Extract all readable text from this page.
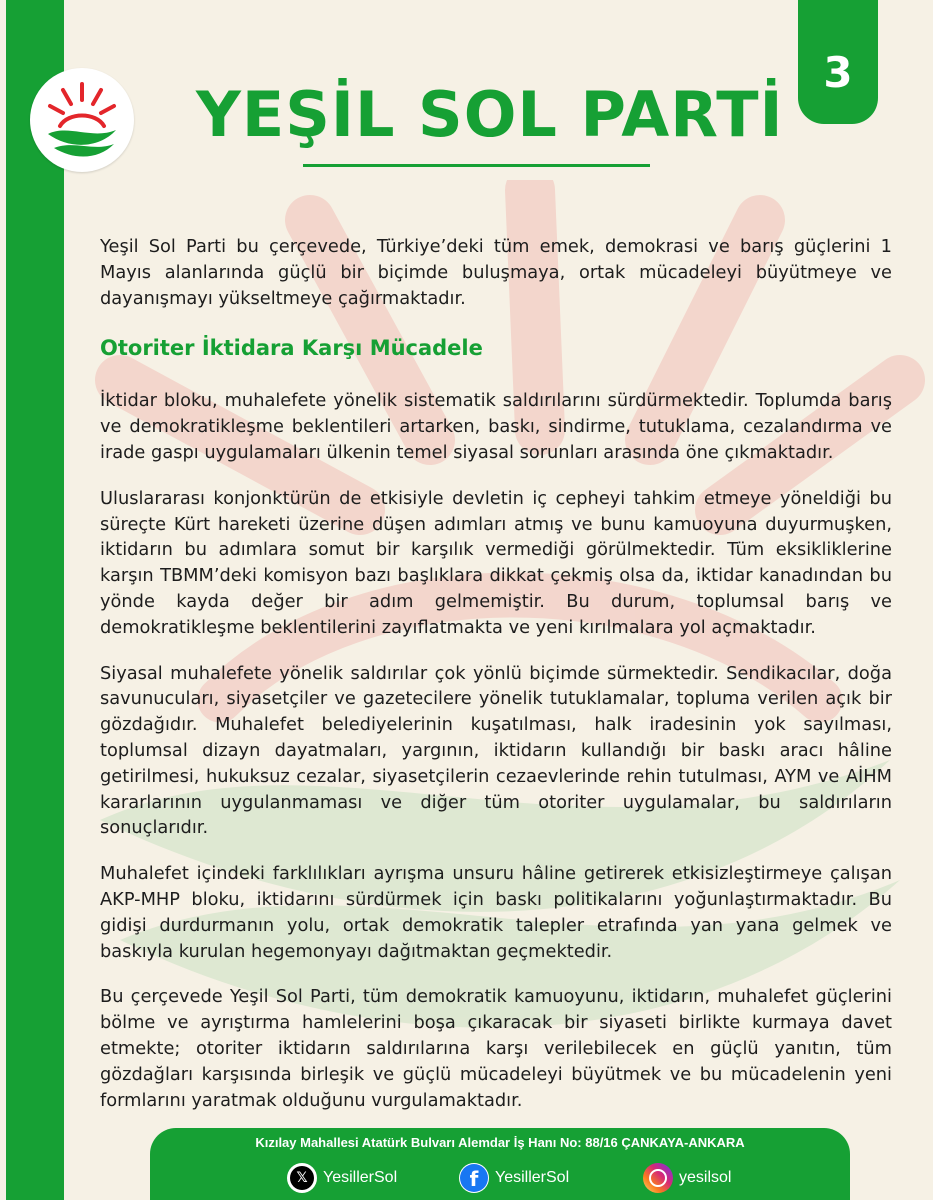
YEŞİL SOL PARTİ
3

Yeşil Sol Parti bu çerçevede, Türkiye’deki tüm emek, demokrasi ve barış güçlerini 1 Mayıs alanlarında güçlü bir biçimde buluşmaya, ortak mücadeleyi büyütmeye ve dayanışmayı yükseltmeye çağırmaktadır.

Otoriter İktidara Karşı Mücadele

İktidar bloku, muhalefete yönelik sistematik saldırılarını sürdürmektedir. Toplumda barış ve demokratikleşme beklentileri artarken, baskı, sindirme, tutuklama, cezalandırma ve irade gaspı uygulamaları ülkenin temel siyasal sorunları arasında öne çıkmaktadır.

Uluslararası konjonktürün de etkisiyle devletin iç cepheyi tahkim etmeye yöneldiği bu süreçte Kürt hareketi üzerine düşen adımları atmış ve bunu kamuoyuna duyurmuşken, iktidarın bu adımlara somut bir karşılık vermediği görülmektedir. Tüm eksikliklerine karşın TBMM’deki komisyon bazı başlıklara dikkat çekmiş olsa da, iktidar kanadından bu yönde kayda değer bir adım gelmemiştir. Bu durum, toplumsal barış ve demokratikleşme beklentilerini zayıflatmakta ve yeni kırılmalara yol açmaktadır.

Siyasal muhalefete yönelik saldırılar çok yönlü biçimde sürmektedir. Sendikacılar, doğa savunucuları, siyasetçiler ve gazetecilere yönelik tutuklamalar, topluma verilen açık bir gözdağıdır. Muhalefet belediyelerinin kuşatılması, halk iradesinin yok sayılması, toplumsal dizayn dayatmaları, yargının, iktidarın kullandığı bir baskı aracı hâline getirilmesi, hukuksuz cezalar, siyasetçilerin cezaevlerinde rehin tutulması, AYM ve AİHM kararlarının uygulanmaması ve diğer tüm otoriter uygulamalar, bu saldırıların sonuçlarıdır.

Muhalefet içindeki farklılıkları ayrışma unsuru hâline getirerek etkisizleştirmeye çalışan AKP-MHP bloku, iktidarını sürdürmek için baskı politikalarını yoğunlaştırmaktadır. Bu gidişi durdurmanın yolu, ortak demokratik talepler etrafında yan yana gelmek ve baskıyla kurulan hegemonyayı dağıtmaktan geçmektedir.

Bu çerçevede Yeşil Sol Parti, tüm demokratik kamuoyunu, iktidarın, muhalefet güçlerini bölme ve ayrıştırma hamlelerini boşa çıkaracak bir siyaseti birlikte kurmaya davet etmekte; otoriter iktidarın saldırılarına karşı verilebilecek en güçlü yanıtın, tüm gözdağları karşısında birleşik ve güçlü mücadeleyi büyütmek ve bu mücadelenin yeni formlarını yaratmak olduğunu vurgulamaktadır.

Kızılay Mahallesi Atatürk Bulvarı Alemdar İş Hanı No: 88/16 ÇANKAYA-ANKARA
𝕏 YesillerSol	f	YesillerSol	yesilsol
